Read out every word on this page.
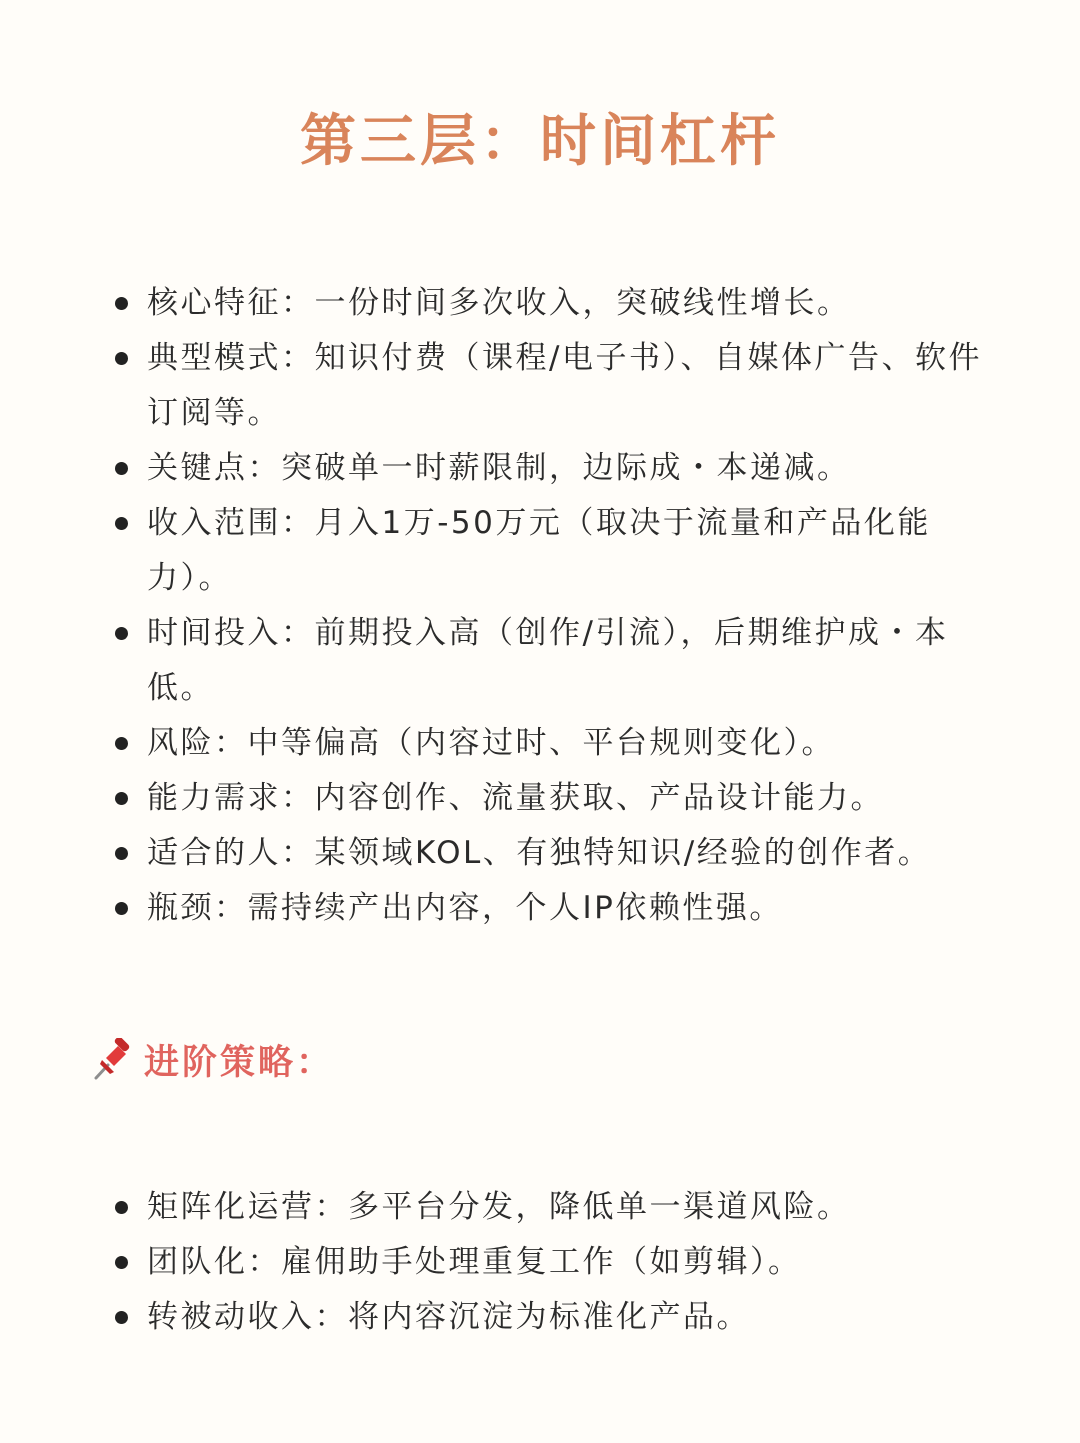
第三层：时间杠杆
核心特征：一份时间多次收入，突破线性增长。
典型模式：知识付费（课程/电子书）、自媒体广告、软件订阅等。
关键点：突破单一时薪限制，边际成・本递减。
收入范围：月入1万-50万元（取决于流量和产品化能力）。
时间投入：前期投入高（创作/引流），后期维护成・本低。
风险：中等偏高（内容过时、平台规则变化）。
能力需求：内容创作、流量获取、产品设计能力。
适合的人：某领域KOL、有独特知识/经验的创作者。
瓶颈：需持续产出内容，个人IP依赖性强。
进阶策略：
矩阵化运营：多平台分发，降低单一渠道风险。
团队化：雇佣助手处理重复工作（如剪辑）。
转被动收入：将内容沉淀为标准化产品。
